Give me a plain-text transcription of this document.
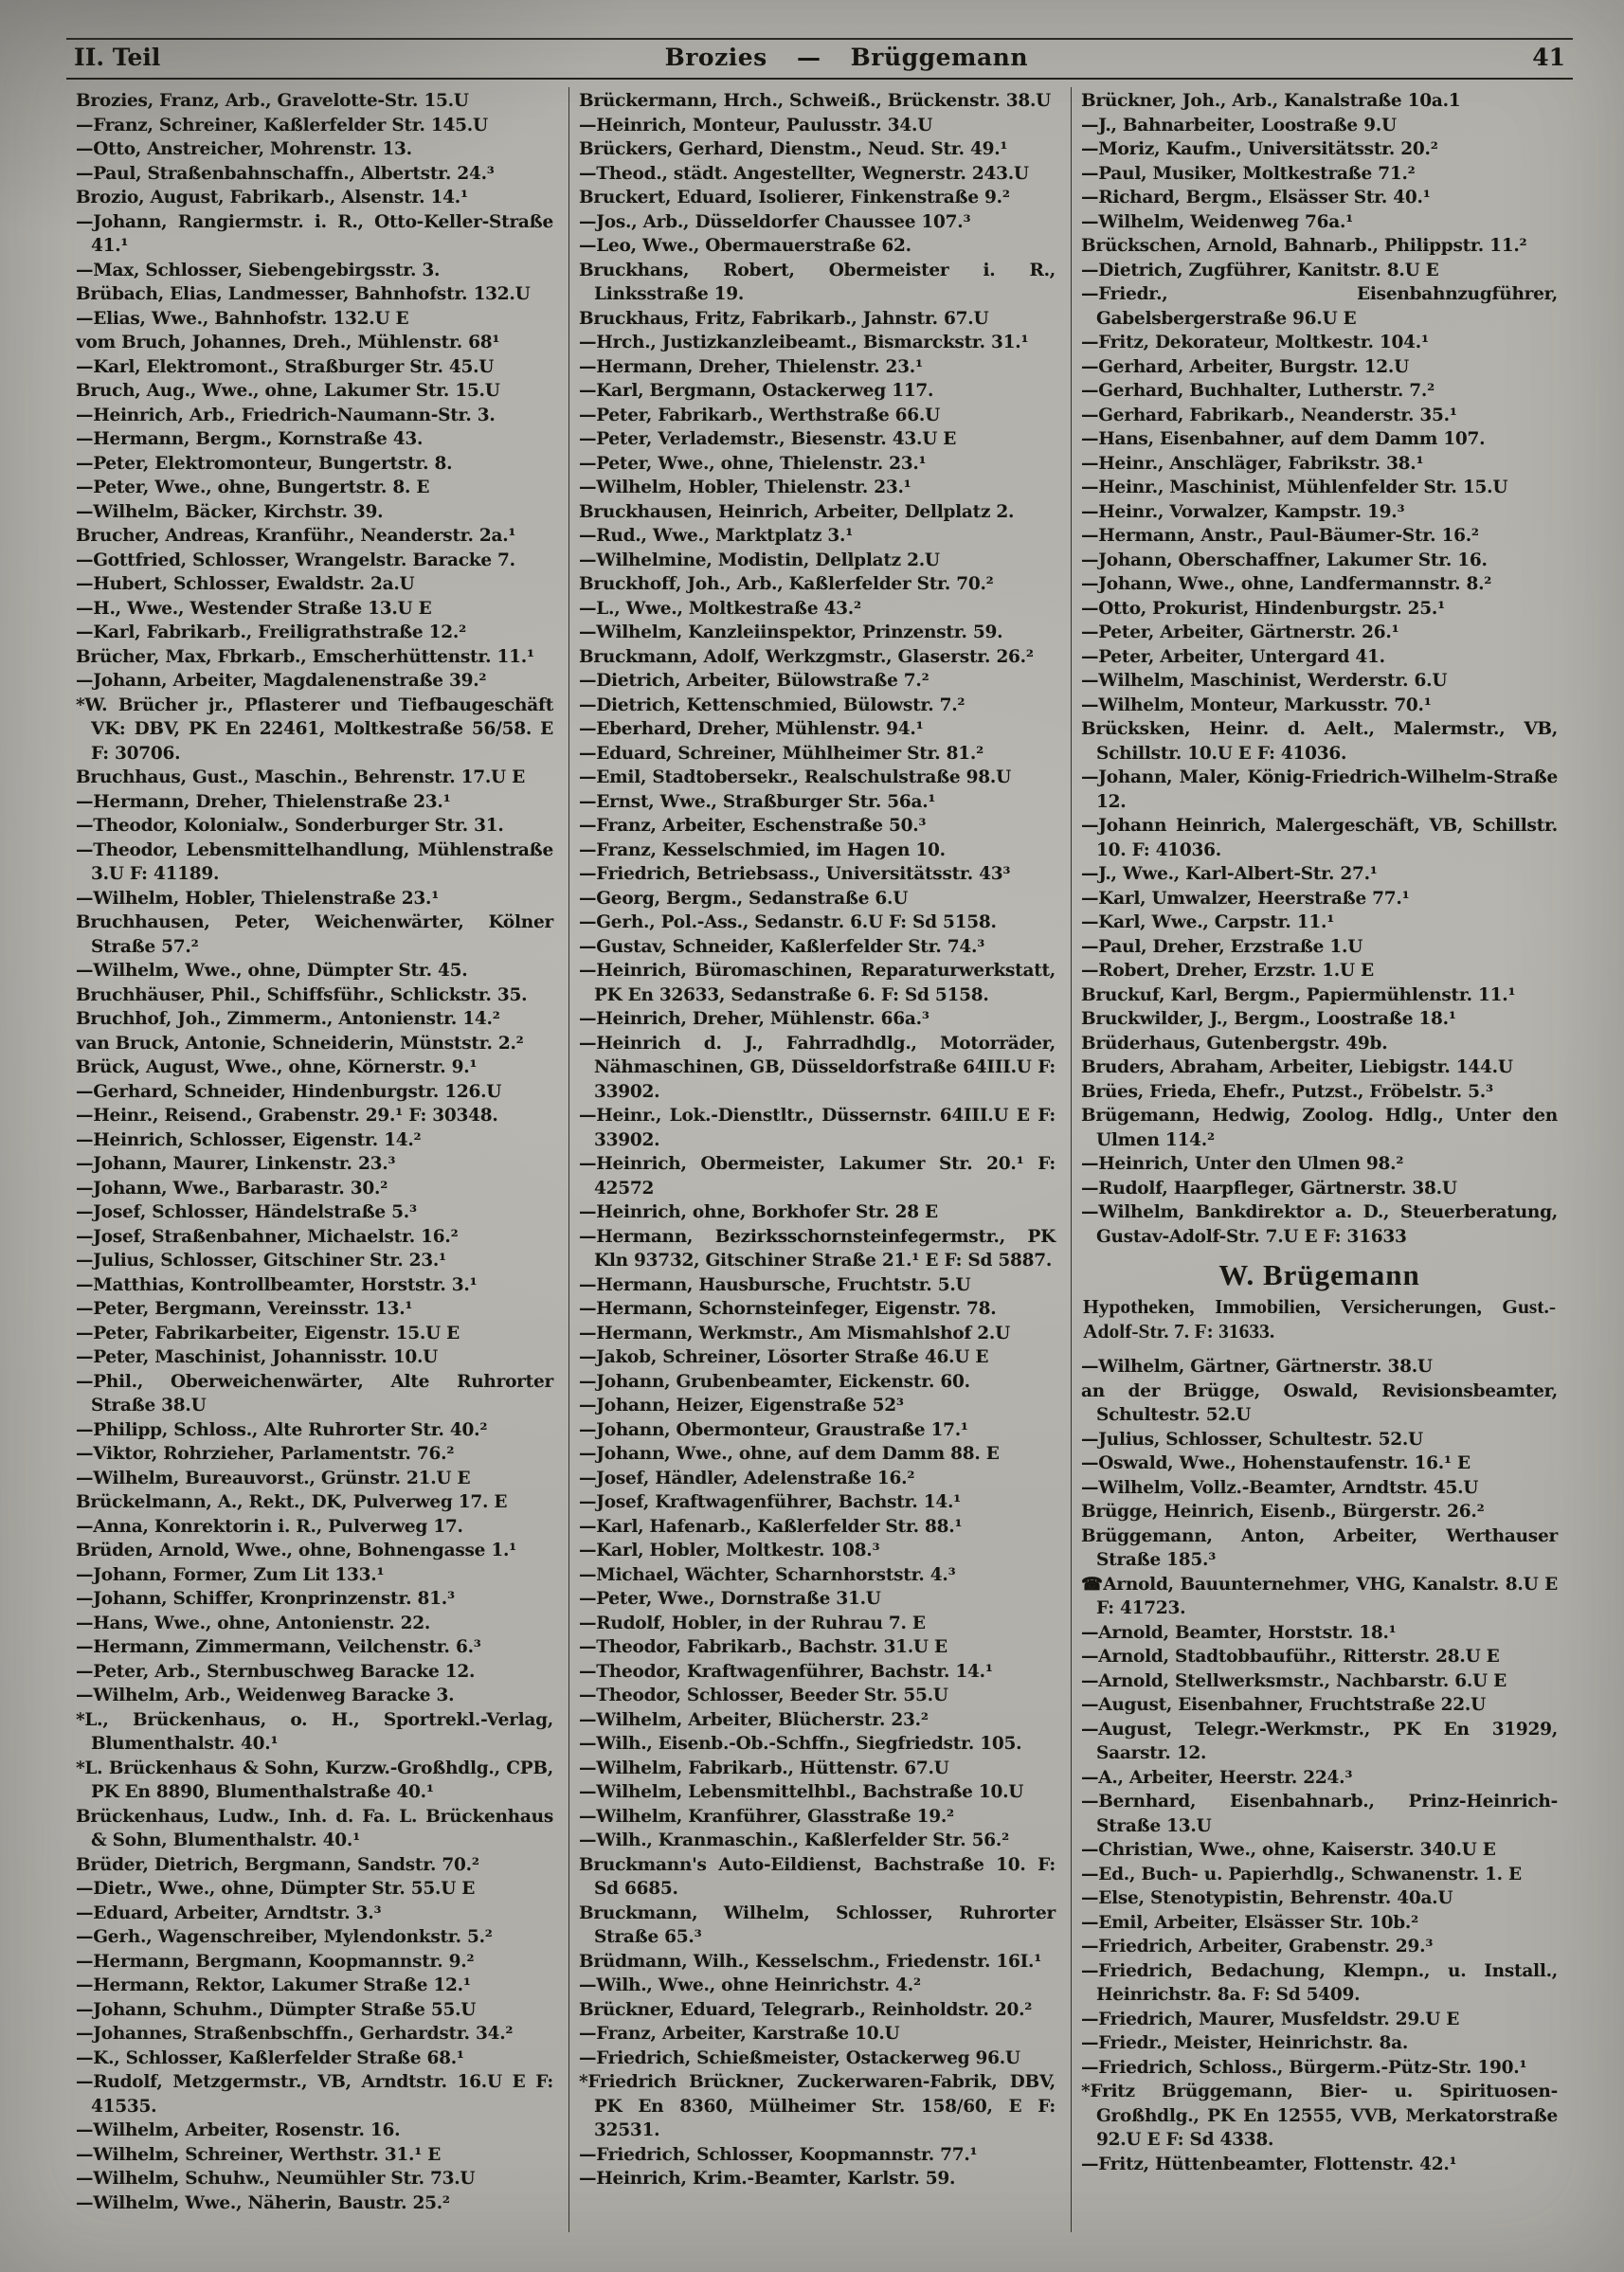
II. Teil	Brozies — Brüggemann	41

Brozies, Franz, Arb., Gravelotte-Str. 15.U

—Franz, Schreiner, Kaßlerfelder Str. 145.U

—Otto, Anstreicher, Mohrenstr. 13.

—Paul, Straßenbahnschaffn., Albertstr. 24.³

Brozio, August, Fabrikarb., Alsenstr. 14.¹

—Johann, Rangiermstr. i. R., Otto-Keller-Straße 41.¹

—Max, Schlosser, Siebengebirgsstr. 3.

Brübach, Elias, Landmesser, Bahnhofstr. 132.U

—Elias, Wwe., Bahnhofstr. 132.U E

vom Bruch, Johannes, Dreh., Mühlenstr. 68¹

—Karl, Elektromont., Straßburger Str. 45.U

Bruch, Aug., Wwe., ohne, Lakumer Str. 15.U

—Heinrich, Arb., Friedrich-Naumann-Str. 3.

—Hermann, Bergm., Kornstraße 43.

—Peter, Elektromonteur, Bungertstr. 8.

—Peter, Wwe., ohne, Bungertstr. 8. E

—Wilhelm, Bäcker, Kirchstr. 39.

Brucher, Andreas, Kranführ., Neanderstr. 2a.¹

—Gottfried, Schlosser, Wrangelstr. Baracke 7.

—Hubert, Schlosser, Ewaldstr. 2a.U

—H., Wwe., Westender Straße 13.U E

—Karl, Fabrikarb., Freiligrathstraße 12.²

Brücher, Max, Fbrkarb., Emscherhüttenstr. 11.¹

—Johann, Arbeiter, Magdalenenstraße 39.²

*W. Brücher jr., Pflasterer und Tiefbaugeschäft VK: DBV, PK En 22461, Moltkestraße 56/58. E F: 30706.

Bruchhaus, Gust., Maschin., Behrenstr. 17.U E

—Hermann, Dreher, Thielenstraße 23.¹

—Theodor, Kolonialw., Sonderburger Str. 31.

—Theodor, Lebensmittelhandlung, Mühlenstraße 3.U F: 41189.

—Wilhelm, Hobler, Thielenstraße 23.¹

Bruchhausen, Peter, Weichenwärter, Kölner Straße 57.²

—Wilhelm, Wwe., ohne, Dümpter Str. 45.

Bruchhäuser, Phil., Schiffsführ., Schlickstr. 35.

Bruchhof, Joh., Zimmerm., Antonienstr. 14.²

van Bruck, Antonie, Schneiderin, Münststr. 2.²

Brück, August, Wwe., ohne, Körnerstr. 9.¹

—Gerhard, Schneider, Hindenburgstr. 126.U

—Heinr., Reisend., Grabenstr. 29.¹ F: 30348.

—Heinrich, Schlosser, Eigenstr. 14.²

—Johann, Maurer, Linkenstr. 23.³

—Johann, Wwe., Barbarastr. 30.²

—Josef, Schlosser, Händelstraße 5.³

—Josef, Straßenbahner, Michaelstr. 16.²

—Julius, Schlosser, Gitschiner Str. 23.¹

—Matthias, Kontrollbeamter, Horststr. 3.¹

—Peter, Bergmann, Vereinsstr. 13.¹

—Peter, Fabrikarbeiter, Eigenstr. 15.U E

—Peter, Maschinist, Johannisstr. 10.U

—Phil., Oberweichenwärter, Alte Ruhrorter Straße 38.U

—Philipp, Schloss., Alte Ruhrorter Str. 40.²

—Viktor, Rohrzieher, Parlamentstr. 76.²

—Wilhelm, Bureauvorst., Grünstr. 21.U E

Brückelmann, A., Rekt., DK, Pulverweg 17. E

—Anna, Konrektorin i. R., Pulverweg 17.

Brüden, Arnold, Wwe., ohne, Bohnengasse 1.¹

—Johann, Former, Zum Lit 133.¹

—Johann, Schiffer, Kronprinzenstr. 81.³

—Hans, Wwe., ohne, Antonienstr. 22.

—Hermann, Zimmermann, Veilchenstr. 6.³

—Peter, Arb., Sternbuschweg Baracke 12.

—Wilhelm, Arb., Weidenweg Baracke 3.

*L., Brückenhaus, o. H., Sportrekl.-Verlag, Blumenthalstr. 40.¹

*L. Brückenhaus & Sohn, Kurzw.-Großhdlg., CPB, PK En 8890, Blumenthalstraße 40.¹

Brückenhaus, Ludw., Inh. d. Fa. L. Brückenhaus & Sohn, Blumenthalstr. 40.¹

Brüder, Dietrich, Bergmann, Sandstr. 70.²

—Dietr., Wwe., ohne, Dümpter Str. 55.U E

—Eduard, Arbeiter, Arndtstr. 3.³

—Gerh., Wagenschreiber, Mylendonkstr. 5.²

—Hermann, Bergmann, Koopmannstr. 9.²

—Hermann, Rektor, Lakumer Straße 12.¹

—Johann, Schuhm., Dümpter Straße 55.U

—Johannes, Straßenbschffn., Gerhardstr. 34.²

—K., Schlosser, Kaßlerfelder Straße 68.¹

—Rudolf, Metzgermstr., VB, Arndtstr. 16.U E F: 41535.

—Wilhelm, Arbeiter, Rosenstr. 16.

—Wilhelm, Schreiner, Werthstr. 31.¹ E

—Wilhelm, Schuhw., Neumühler Str. 73.U

—Wilhelm, Wwe., Näherin, Baustr. 25.²

Brückermann, Hrch., Schweiß., Brückenstr. 38.U

—Heinrich, Monteur, Paulusstr. 34.U

Brückers, Gerhard, Dienstm., Neud. Str. 49.¹

—Theod., städt. Angestellter, Wegnerstr. 243.U

Bruckert, Eduard, Isolierer, Finkenstraße 9.²

—Jos., Arb., Düsseldorfer Chaussee 107.³

—Leo, Wwe., Obermauerstraße 62.

Bruckhans, Robert, Obermeister i. R., Linksstraße 19.

Bruckhaus, Fritz, Fabrikarb., Jahnstr. 67.U

—Hrch., Justizkanzleibeamt., Bismarckstr. 31.¹

—Hermann, Dreher, Thielenstr. 23.¹

—Karl, Bergmann, Ostackerweg 117.

—Peter, Fabrikarb., Werthstraße 66.U

—Peter, Verlademstr., Biesenstr. 43.U E

—Peter, Wwe., ohne, Thielenstr. 23.¹

—Wilhelm, Hobler, Thielenstr. 23.¹

Bruckhausen, Heinrich, Arbeiter, Dellplatz 2.

—Rud., Wwe., Marktplatz 3.¹

—Wilhelmine, Modistin, Dellplatz 2.U

Bruckhoff, Joh., Arb., Kaßlerfelder Str. 70.²

—L., Wwe., Moltkestraße 43.²

—Wilhelm, Kanzleiinspektor, Prinzenstr. 59.

Bruckmann, Adolf, Werkzgmstr., Glaserstr. 26.²

—Dietrich, Arbeiter, Bülowstraße 7.²

—Dietrich, Kettenschmied, Bülowstr. 7.²

—Eberhard, Dreher, Mühlenstr. 94.¹

—Eduard, Schreiner, Mühlheimer Str. 81.²

—Emil, Stadtobersekr., Realschulstraße 98.U

—Ernst, Wwe., Straßburger Str. 56a.¹

—Franz, Arbeiter, Eschenstraße 50.³

—Franz, Kesselschmied, im Hagen 10.

—Friedrich, Betriebsass., Universitätsstr. 43³

—Georg, Bergm., Sedanstraße 6.U

—Gerh., Pol.-Ass., Sedanstr. 6.U F: Sd 5158.

—Gustav, Schneider, Kaßlerfelder Str. 74.³

—Heinrich, Büromaschinen, Reparaturwerkstatt, PK En 32633, Sedanstraße 6. F: Sd 5158.

—Heinrich, Dreher, Mühlenstr. 66a.³

—Heinrich d. J., Fahrradhdlg., Motorräder, Nähmaschinen, GB, Düsseldorfstraße 64III.U F: 33902.

—Heinr., Lok.-Dienstltr., Düssernstr. 64III.U E F: 33902.

—Heinrich, Obermeister, Lakumer Str. 20.¹ F: 42572

—Heinrich, ohne, Borkhofer Str. 28 E

—Hermann, Bezirksschornsteinfegermstr., PK Kln 93732, Gitschiner Straße 21.¹ E F: Sd 5887.

—Hermann, Hausbursche, Fruchtstr. 5.U

—Hermann, Schornsteinfeger, Eigenstr. 78.

—Hermann, Werkmstr., Am Mismahlshof 2.U

—Jakob, Schreiner, Lösorter Straße 46.U E

—Johann, Grubenbeamter, Eickenstr. 60.

—Johann, Heizer, Eigenstraße 52³

—Johann, Obermonteur, Graustraße 17.¹

—Johann, Wwe., ohne, auf dem Damm 88. E

—Josef, Händler, Adelenstraße 16.²

—Josef, Kraftwagenführer, Bachstr. 14.¹

—Karl, Hafenarb., Kaßlerfelder Str. 88.¹

—Karl, Hobler, Moltkestr. 108.³

—Michael, Wächter, Scharnhorststr. 4.³

—Peter, Wwe., Dornstraße 31.U

—Rudolf, Hobler, in der Ruhrau 7. E

—Theodor, Fabrikarb., Bachstr. 31.U E

—Theodor, Kraftwagenführer, Bachstr. 14.¹

—Theodor, Schlosser, Beeder Str. 55.U

—Wilhelm, Arbeiter, Blücherstr. 23.²

—Wilh., Eisenb.-Ob.-Schffn., Siegfriedstr. 105.

—Wilhelm, Fabrikarb., Hüttenstr. 67.U

—Wilhelm, Lebensmittelhbl., Bachstraße 10.U

—Wilhelm, Kranführer, Glasstraße 19.²

—Wilh., Kranmaschin., Kaßlerfelder Str. 56.²

Bruckmann's Auto-Eildienst, Bachstraße 10. F: Sd 6685.

Bruckmann, Wilhelm, Schlosser, Ruhrorter Straße 65.³

Brüdmann, Wilh., Kesselschm., Friedenstr. 16I.¹

—Wilh., Wwe., ohne Heinrichstr. 4.²

Brückner, Eduard, Telegrarb., Reinholdstr. 20.²

—Franz, Arbeiter, Karstraße 10.U

—Friedrich, Schießmeister, Ostackerweg 96.U

*Friedrich Brückner, Zuckerwaren-Fabrik, DBV, PK En 8360, Mülheimer Str. 158/60, E F: 32531.

—Friedrich, Schlosser, Koopmannstr. 77.¹

—Heinrich, Krim.-Beamter, Karlstr. 59.

Brückner, Joh., Arb., Kanalstraße 10a.1

—J., Bahnarbeiter, Loostraße 9.U

—Moriz, Kaufm., Universitätsstr. 20.²

—Paul, Musiker, Moltkestraße 71.²

—Richard, Bergm., Elsässer Str. 40.¹

—Wilhelm, Weidenweg 76a.¹

Brückschen, Arnold, Bahnarb., Philippstr. 11.²

—Dietrich, Zugführer, Kanitstr. 8.U E

—Friedr., Eisenbahnzugführer, Gabelsbergerstraße 96.U E

—Fritz, Dekorateur, Moltkestr. 104.¹

—Gerhard, Arbeiter, Burgstr. 12.U

—Gerhard, Buchhalter, Lutherstr. 7.²

—Gerhard, Fabrikarb., Neanderstr. 35.¹

—Hans, Eisenbahner, auf dem Damm 107.

—Heinr., Anschläger, Fabrikstr. 38.¹

—Heinr., Maschinist, Mühlenfelder Str. 15.U

—Heinr., Vorwalzer, Kampstr. 19.³

—Hermann, Anstr., Paul-Bäumer-Str. 16.²

—Johann, Oberschaffner, Lakumer Str. 16.

—Johann, Wwe., ohne, Landfermannstr. 8.²

—Otto, Prokurist, Hindenburgstr. 25.¹

—Peter, Arbeiter, Gärtnerstr. 26.¹

—Peter, Arbeiter, Untergard 41.

—Wilhelm, Maschinist, Werderstr. 6.U

—Wilhelm, Monteur, Markusstr. 70.¹

Brücksken, Heinr. d. Aelt., Malermstr., VB, Schillstr. 10.U E F: 41036.

—Johann, Maler, König-Friedrich-Wilhelm-Straße 12.

—Johann Heinrich, Malergeschäft, VB, Schillstr. 10. F: 41036.

—J., Wwe., Karl-Albert-Str. 27.¹

—Karl, Umwalzer, Heerstraße 77.¹

—Karl, Wwe., Carpstr. 11.¹

—Paul, Dreher, Erzstraße 1.U

—Robert, Dreher, Erzstr. 1.U E

Bruckuf, Karl, Bergm., Papiermühlenstr. 11.¹

Bruckwilder, J., Bergm., Loostraße 18.¹

Brüderhaus, Gutenbergstr. 49b.

Bruders, Abraham, Arbeiter, Liebigstr. 144.U

Brües, Frieda, Ehefr., Putzst., Fröbelstr. 5.³

Brügemann, Hedwig, Zoolog. Hdlg., Unter den Ulmen 114.²

—Heinrich, Unter den Ulmen 98.²

—Rudolf, Haarpfleger, Gärtnerstr. 38.U

—Wilhelm, Bankdirektor a. D., Steuerberatung, Gustav-Adolf-Str. 7.U E F: 31633

W. Brügemann
Hypotheken, Immobilien, Versicherungen, Gust.-Adolf-Str. 7. F: 31633.

—Wilhelm, Gärtner, Gärtnerstr. 38.U

an der Brügge, Oswald, Revisionsbeamter, Schultestr. 52.U

—Julius, Schlosser, Schultestr. 52.U

—Oswald, Wwe., Hohenstaufenstr. 16.¹ E

—Wilhelm, Vollz.-Beamter, Arndtstr. 45.U

Brügge, Heinrich, Eisenb., Bürgerstr. 26.²

Brüggemann, Anton, Arbeiter, Werthauser Straße 185.³

☎Arnold, Bauunternehmer, VHG, Kanalstr. 8.U E F: 41723.

—Arnold, Beamter, Horststr. 18.¹

—Arnold, Stadtobbauführ., Ritterstr. 28.U E

—Arnold, Stellwerksmstr., Nachbarstr. 6.U E

—August, Eisenbahner, Fruchtstraße 22.U

—August, Telegr.-Werkmstr., PK En 31929, Saarstr. 12.

—A., Arbeiter, Heerstr. 224.³

—Bernhard, Eisenbahnarb., Prinz-Heinrich-Straße 13.U

—Christian, Wwe., ohne, Kaiserstr. 340.U E

—Ed., Buch- u. Papierhdlg., Schwanenstr. 1. E

—Else, Stenotypistin, Behrenstr. 40a.U

—Emil, Arbeiter, Elsässer Str. 10b.²

—Friedrich, Arbeiter, Grabenstr. 29.³

—Friedrich, Bedachung, Klempn., u. Install., Heinrichstr. 8a. F: Sd 5409.

—Friedrich, Maurer, Musfeldstr. 29.U E

—Friedr., Meister, Heinrichstr. 8a.

—Friedrich, Schloss., Bürgerm.-Pütz-Str. 190.¹

*Fritz Brüggemann, Bier- u. Spirituosen-Großhdlg., PK En 12555, VVB, Merkatorstraße 92.U E F: Sd 4338.

—Fritz, Hüttenbeamter, Flottenstr. 42.¹
